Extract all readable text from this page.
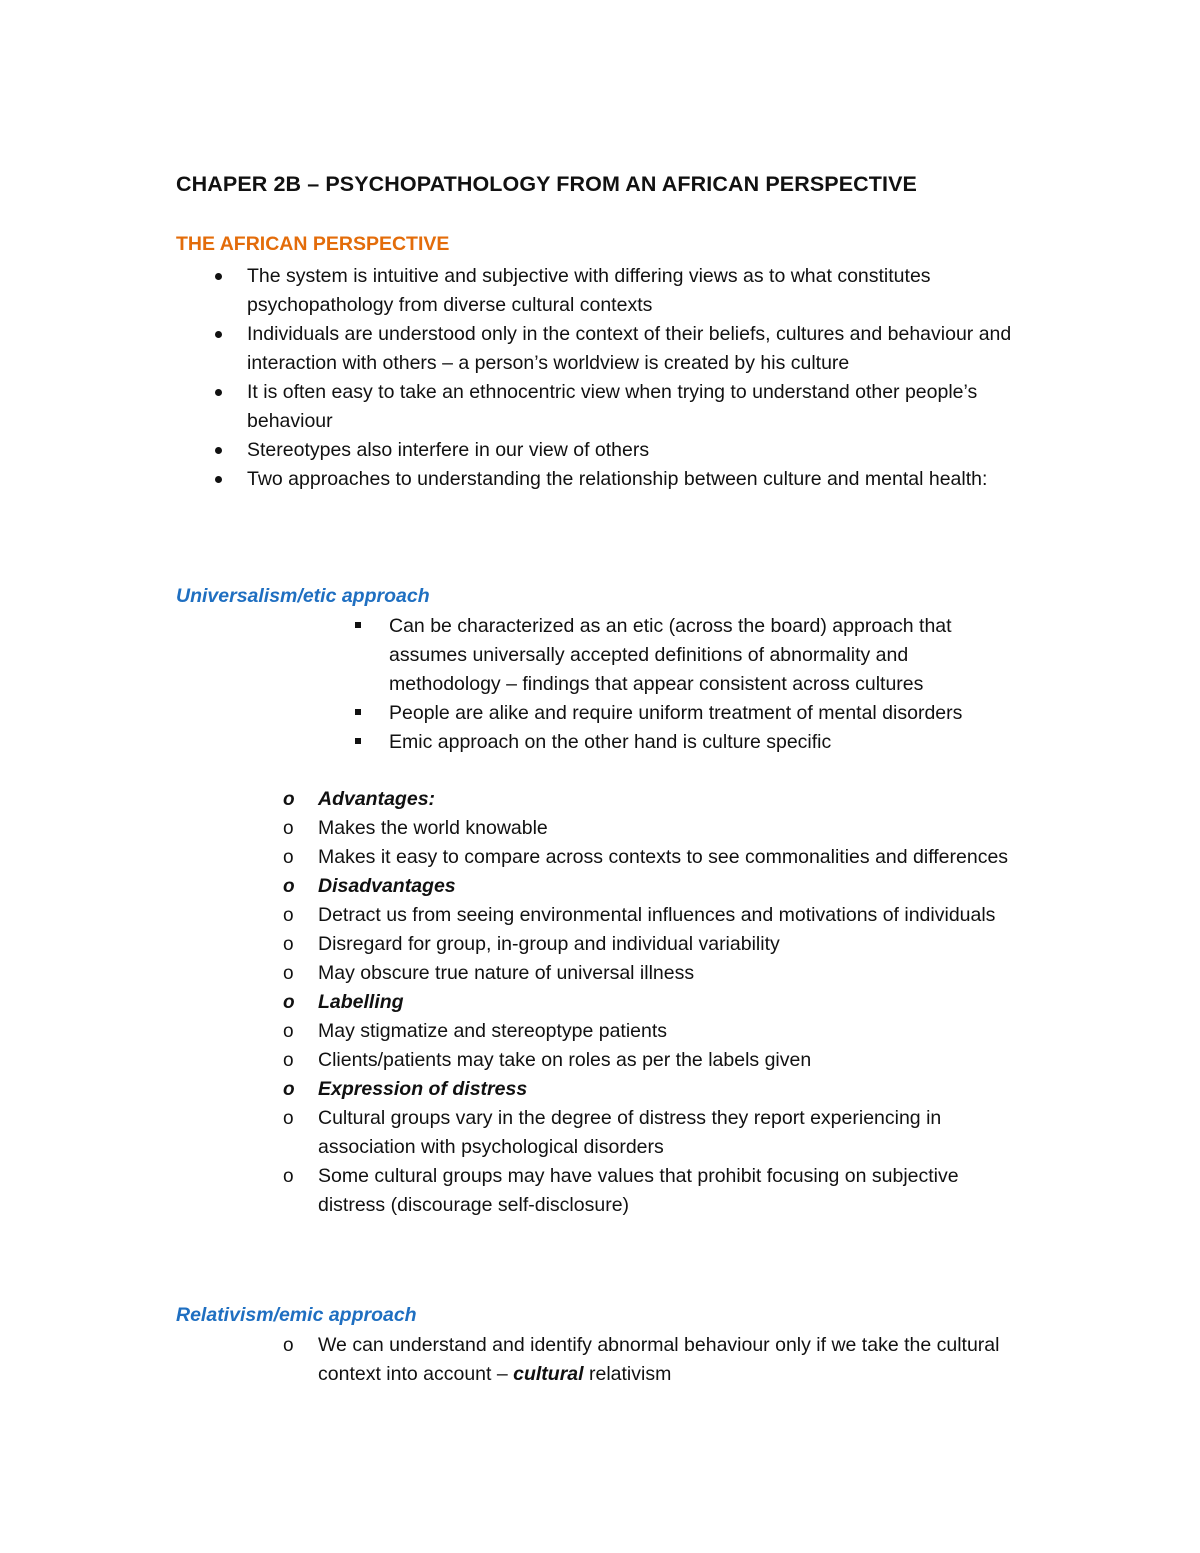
CHAPER 2B – PSYCHOPATHOLOGY FROM AN AFRICAN PERSPECTIVE
THE AFRICAN PERSPECTIVE
The system is intuitive and subjective with differing views as to what constitutes psychopathology from diverse cultural contexts
Individuals are understood only in the context of their beliefs, cultures and behaviour and interaction with others – a person’s worldview is created by his culture
It is often easy to take an ethnocentric view when trying to understand other people’s behaviour
Stereotypes also interfere in our view of others
Two approaches to understanding the relationship between culture and mental health:
Universalism/etic approach
Can be characterized as an etic (across the board) approach that assumes universally accepted definitions of abnormality and methodology – findings that appear consistent across cultures
People are alike and require uniform treatment of mental disorders
Emic approach on the other hand is culture specific
o Advantages:
o Makes the world knowable
o Makes it easy to compare across contexts to see commonalities and differences
o Disadvantages
o Detract us from seeing environmental influences and motivations of individuals
o Disregard for group, in-group and individual variability
o May obscure true nature of universal illness
o Labelling
o May stigmatize and stereoptype patients
o Clients/patients may take on roles as per the labels given
o Expression of distress
o Cultural groups vary in the degree of distress they report experiencing in association with psychological disorders
o Some cultural groups may have values that prohibit focusing on subjective distress (discourage self-disclosure)
Relativism/emic approach
o We can understand and identify abnormal behaviour only if we take the cultural context into account – cultural relativism
